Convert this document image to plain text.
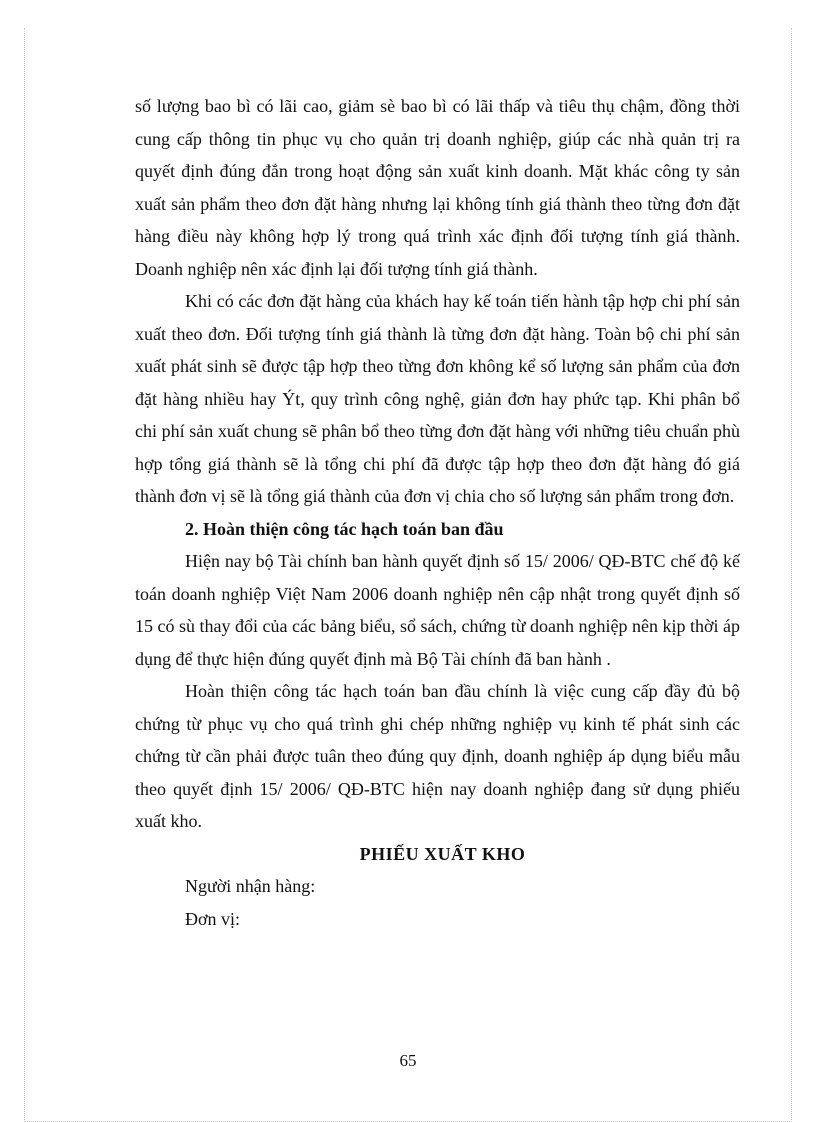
số lượng bao bì có lãi cao, giảm sè bao bì có lãi thấp và tiêu thụ chậm, đồng thời cung cấp thông tin phục vụ cho quản trị doanh nghiệp, giúp các nhà quản trị ra quyết định đúng đắn trong hoạt động sản xuất kinh doanh. Mặt khác công ty sản xuất sản phẩm theo đơn đặt hàng nhưng lại không tính giá thành theo từng đơn đặt hàng điều này không hợp lý trong quá trình xác định đối tượng tính giá thành. Doanh nghiệp nên xác định lại đối tượng tính giá thành.

Khi có các đơn đặt hàng của khách hay kế toán tiến hành tập hợp chi phí sản xuất theo đơn. Đối tượng tính giá thành là từng đơn đặt hàng. Toàn bộ chi phí sản xuất phát sinh sẽ được tập hợp theo từng đơn không kể số lượng sản phẩm của đơn đặt hàng nhiều hay Ýt, quy trình công nghệ, giản đơn hay phức tạp. Khi phân bổ chi phí sản xuất chung sẽ phân bổ theo từng đơn đặt hàng với những tiêu chuẩn phù hợp tổng giá thành sẽ là tổng chi phí đã được tập hợp theo đơn đặt hàng đó giá thành đơn vị sẽ là tổng giá thành của đơn vị chia cho số lượng sản phẩm trong đơn.

2. Hoàn thiện công tác hạch toán ban đầu

Hiện nay bộ Tài chính ban hành quyết định số 15/ 2006/ QĐ-BTC chế độ kế toán doanh nghiệp Việt Nam 2006 doanh nghiệp nên cập nhật trong quyết định số 15 có sù thay đổi của các bảng biểu, sổ sách, chứng từ doanh nghiệp nên kịp thời áp dụng để thực hiện đúng quyết định mà Bộ Tài chính đã ban hành .

Hoàn thiện công tác hạch toán ban đầu chính là việc cung cấp đầy đủ bộ chứng từ phục vụ cho quá trình ghi chép những nghiệp vụ kinh tế phát sinh các chứng từ cần phải được tuân theo đúng quy định, doanh nghiệp áp dụng biểu mẫu theo quyết định 15/ 2006/ QĐ-BTC hiện nay doanh nghiệp đang sử dụng phiếu xuất kho.

PHIẾU XUẤT KHO

Người nhận hàng:

Đơn vị:

65
